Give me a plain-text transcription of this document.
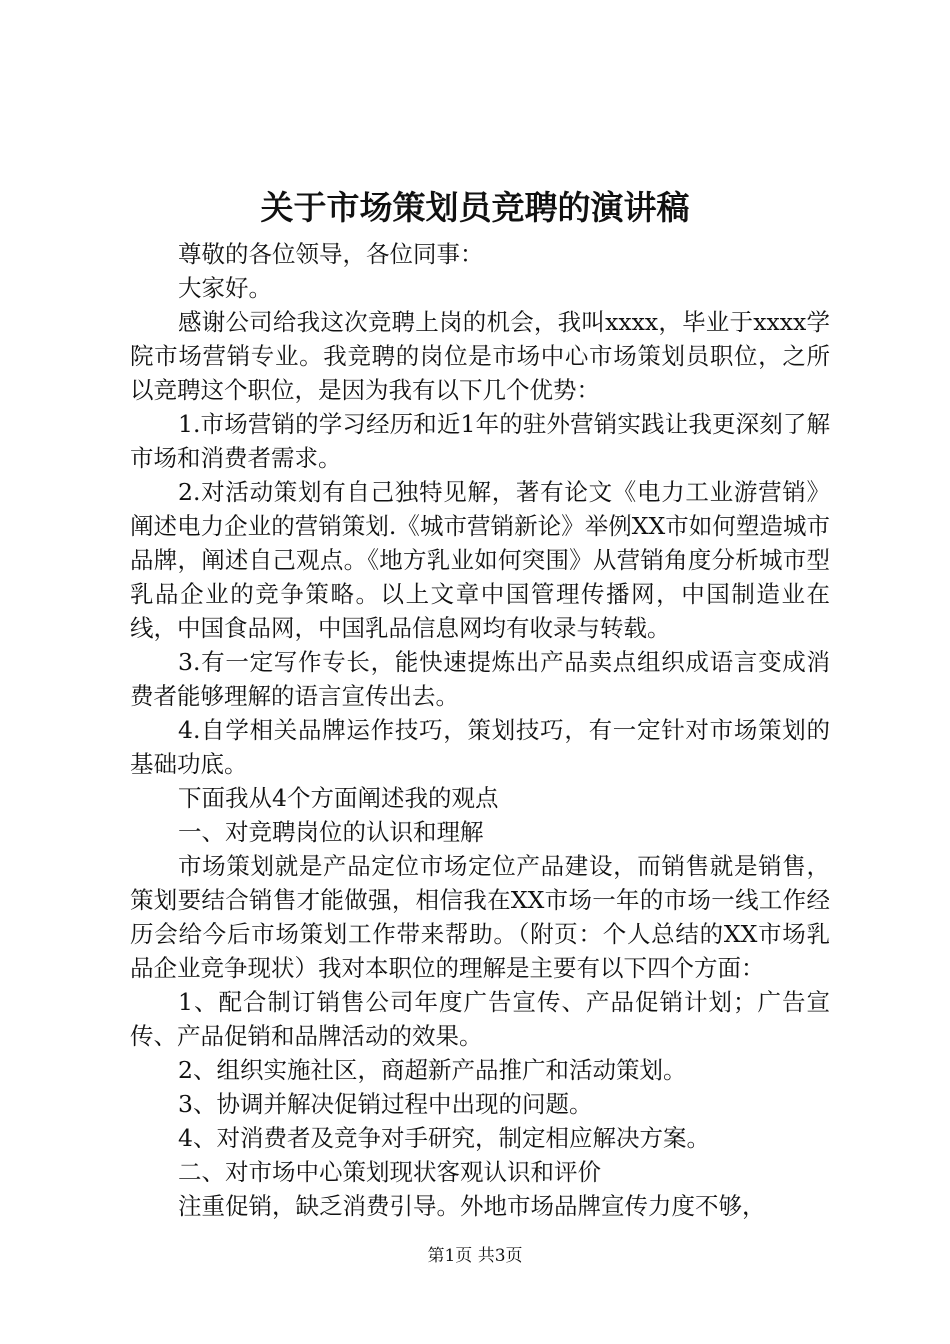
关于市场策划员竞聘的演讲稿

尊敬的各位领导，各位同事：

大家好。

感谢公司给我这次竞聘上岗的机会，我叫xxxx，毕业于xxxx学院市场营销专业。我竞聘的岗位是市场中心市场策划员职位，之所以竞聘这个职位，是因为我有以下几个优势：

1.市场营销的学习经历和近1年的驻外营销实践让我更深刻了解市场和消费者需求。

2.对活动策划有自己独特见解，著有论文《电力工业游营销》阐述电力企业的营销策划.《城市营销新论》举例XX市如何塑造城市品牌，阐述自己观点。《地方乳业如何突围》从营销角度分析城市型乳品企业的竞争策略。以上文章中国管理传播网，中国制造业在线，中国食品网，中国乳品信息网均有收录与转载。

3.有一定写作专长，能快速提炼出产品卖点组织成语言变成消费者能够理解的语言宣传出去。

4.自学相关品牌运作技巧，策划技巧，有一定针对市场策划的基础功底。

下面我从4个方面阐述我的观点

一、对竞聘岗位的认识和理解

市场策划就是产品定位市场定位产品建设，而销售就是销售，策划要结合销售才能做强，相信我在XX市场一年的市场一线工作经历会给今后市场策划工作带来帮助。（附页：个人总结的XX市场乳品企业竞争现状）我对本职位的理解是主要有以下四个方面：

1、配合制订销售公司年度广告宣传、产品促销计划；广告宣传、产品促销和品牌活动的效果。

2、组织实施社区，商超新产品推广和活动策划。

3、协调并解决促销过程中出现的问题。

4、对消费者及竞争对手研究，制定相应解决方案。

二、对市场中心策划现状客观认识和评价

注重促销，缺乏消费引导。外地市场品牌宣传力度不够，

第1页 共3页
